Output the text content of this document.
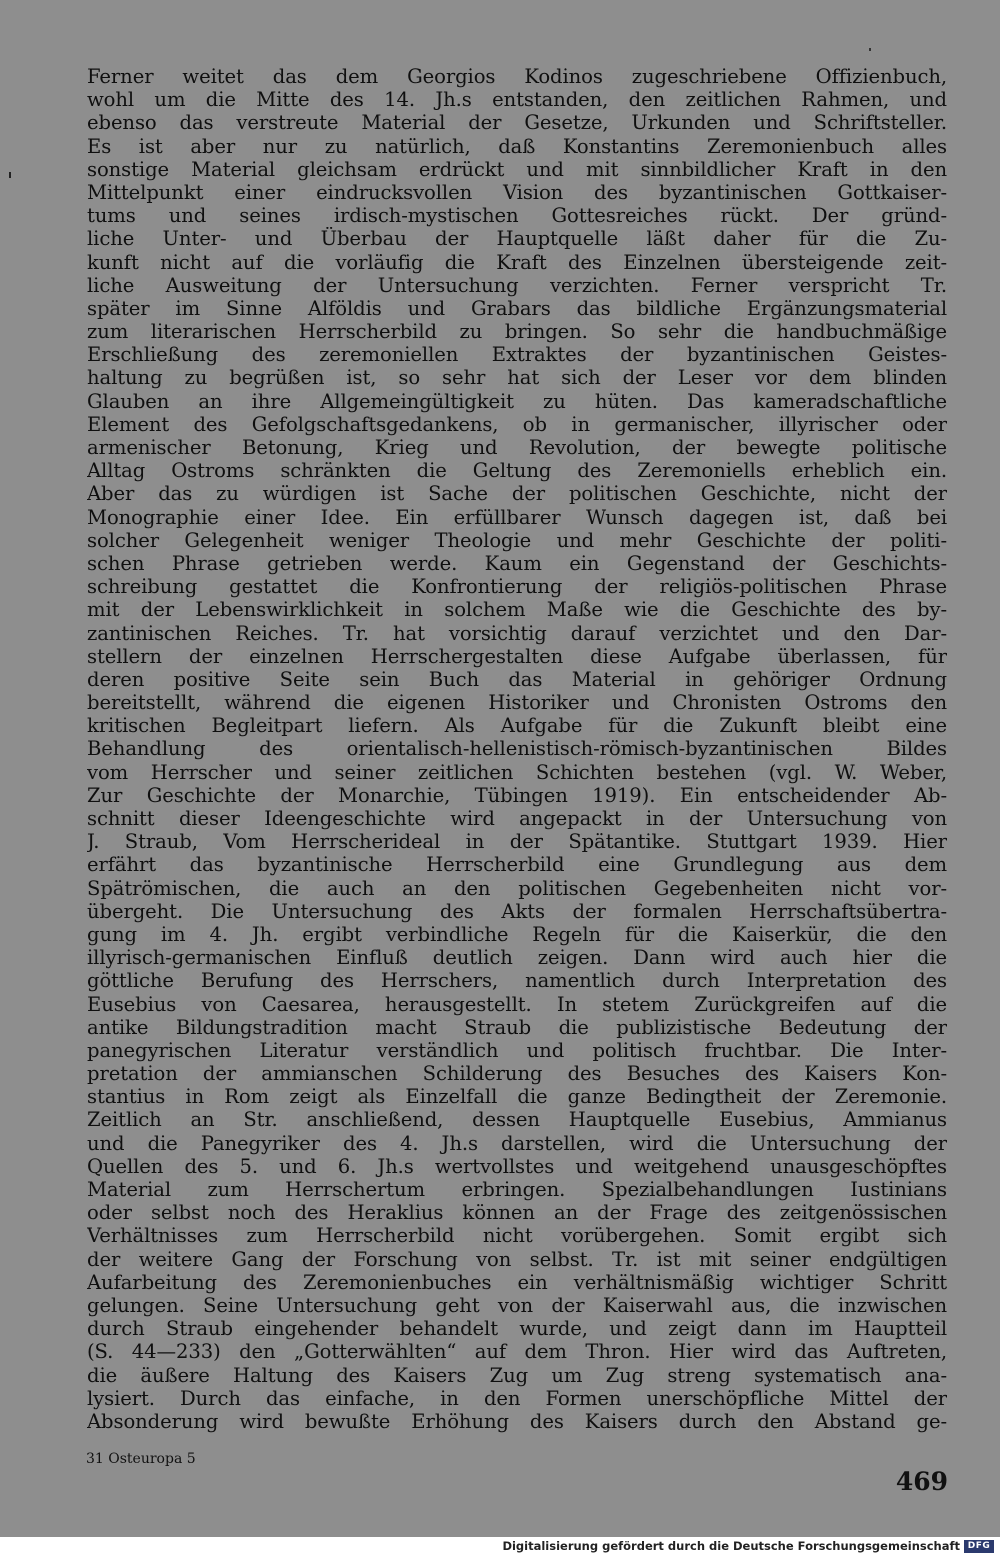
Ferner weitet das dem Georgios Kodinos zugeschriebene Offizienbuch,
wohl um die Mitte des 14. Jh.s entstanden, den zeitlichen Rahmen, und
ebenso das verstreute Material der Gesetze, Urkunden und Schriftsteller.
Es ist aber nur zu natürlich, daß Konstantins Zeremonienbuch alles
sonstige Material gleichsam erdrückt und mit sinnbildlicher Kraft in den
Mittelpunkt einer eindrucksvollen Vision des byzantinischen Gottkaiser-
tums und seines irdisch-mystischen Gottesreiches rückt. Der gründ-
liche Unter- und Überbau der Hauptquelle läßt daher für die Zu-
kunft nicht auf die vorläufig die Kraft des Einzelnen übersteigende zeit-
liche Ausweitung der Untersuchung verzichten. Ferner verspricht Tr.
später im Sinne Alföldis und Grabars das bildliche Ergänzungsmaterial
zum literarischen Herrscherbild zu bringen. So sehr die handbuchmäßige
Erschließung des zeremoniellen Extraktes der byzantinischen Geistes-
haltung zu begrüßen ist, so sehr hat sich der Leser vor dem blinden
Glauben an ihre Allgemeingültigkeit zu hüten. Das kameradschaftliche
Element des Gefolgschaftsgedankens, ob in germanischer, illyrischer oder
armenischer Betonung, Krieg und Revolution, der bewegte politische
Alltag Ostroms schränkten die Geltung des Zeremoniells erheblich ein.
Aber das zu würdigen ist Sache der politischen Geschichte, nicht der
Monographie einer Idee. Ein erfüllbarer Wunsch dagegen ist, daß bei
solcher Gelegenheit weniger Theologie und mehr Geschichte der politi-
schen Phrase getrieben werde. Kaum ein Gegenstand der Geschichts-
schreibung gestattet die Konfrontierung der religiös-politischen Phrase
mit der Lebenswirklichkeit in solchem Maße wie die Geschichte des by-
zantinischen Reiches. Tr. hat vorsichtig darauf verzichtet und den Dar-
stellern der einzelnen Herrschergestalten diese Aufgabe überlassen, für
deren positive Seite sein Buch das Material in gehöriger Ordnung
bereitstellt, während die eigenen Historiker und Chronisten Ostroms den
kritischen Begleitpart liefern. Als Aufgabe für die Zukunft bleibt eine
Behandlung des orientalisch-hellenistisch-römisch-byzantinischen Bildes
vom Herrscher und seiner zeitlichen Schichten bestehen (vgl. W. Weber,
Zur Geschichte der Monarchie, Tübingen 1919). Ein entscheidender Ab-
schnitt dieser Ideengeschichte wird angepackt in der Untersuchung von
J. Straub, Vom Herrscherideal in der Spätantike. Stuttgart 1939. Hier
erfährt das byzantinische Herrscherbild eine Grundlegung aus dem
Spätrömischen, die auch an den politischen Gegebenheiten nicht vor-
übergeht. Die Untersuchung des Akts der formalen Herrschaftsübertra-
gung im 4. Jh. ergibt verbindliche Regeln für die Kaiserkür, die den
illyrisch-germanischen Einfluß deutlich zeigen. Dann wird auch hier die
göttliche Berufung des Herrschers, namentlich durch Interpretation des
Eusebius von Caesarea, herausgestellt. In stetem Zurückgreifen auf die
antike Bildungstradition macht Straub die publizistische Bedeutung der
panegyrischen Literatur verständlich und politisch fruchtbar. Die Inter-
pretation der ammianschen Schilderung des Besuches des Kaisers Kon-
stantius in Rom zeigt als Einzelfall die ganze Bedingtheit der Zeremonie.
Zeitlich an Str. anschließend, dessen Hauptquelle Eusebius, Ammianus
und die Panegyriker des 4. Jh.s darstellen, wird die Untersuchung der
Quellen des 5. und 6. Jh.s wertvollstes und weitgehend unausgeschöpftes
Material zum Herrschertum erbringen. Spezialbehandlungen Iustinians
oder selbst noch des Heraklius können an der Frage des zeitgenössischen
Verhältnisses zum Herrscherbild nicht vorübergehen. Somit ergibt sich
der weitere Gang der Forschung von selbst. Tr. ist mit seiner endgültigen
Aufarbeitung des Zeremonienbuches ein verhältnismäßig wichtiger Schritt
gelungen. Seine Untersuchung geht von der Kaiserwahl aus, die inzwischen
durch Straub eingehender behandelt wurde, und zeigt dann im Hauptteil
(S. 44—233) den „Gotterwählten“ auf dem Thron. Hier wird das Auftreten,
die äußere Haltung des Kaisers Zug um Zug streng systematisch ana-
lysiert. Durch das einfache, in den Formen unerschöpfliche Mittel der
Absonderung wird bewußte Erhöhung des Kaisers durch den Abstand ge-
31 Osteuropa 5
469
Digitalisierung gefördert durch die Deutsche Forschungsgemeinschaft DFG
